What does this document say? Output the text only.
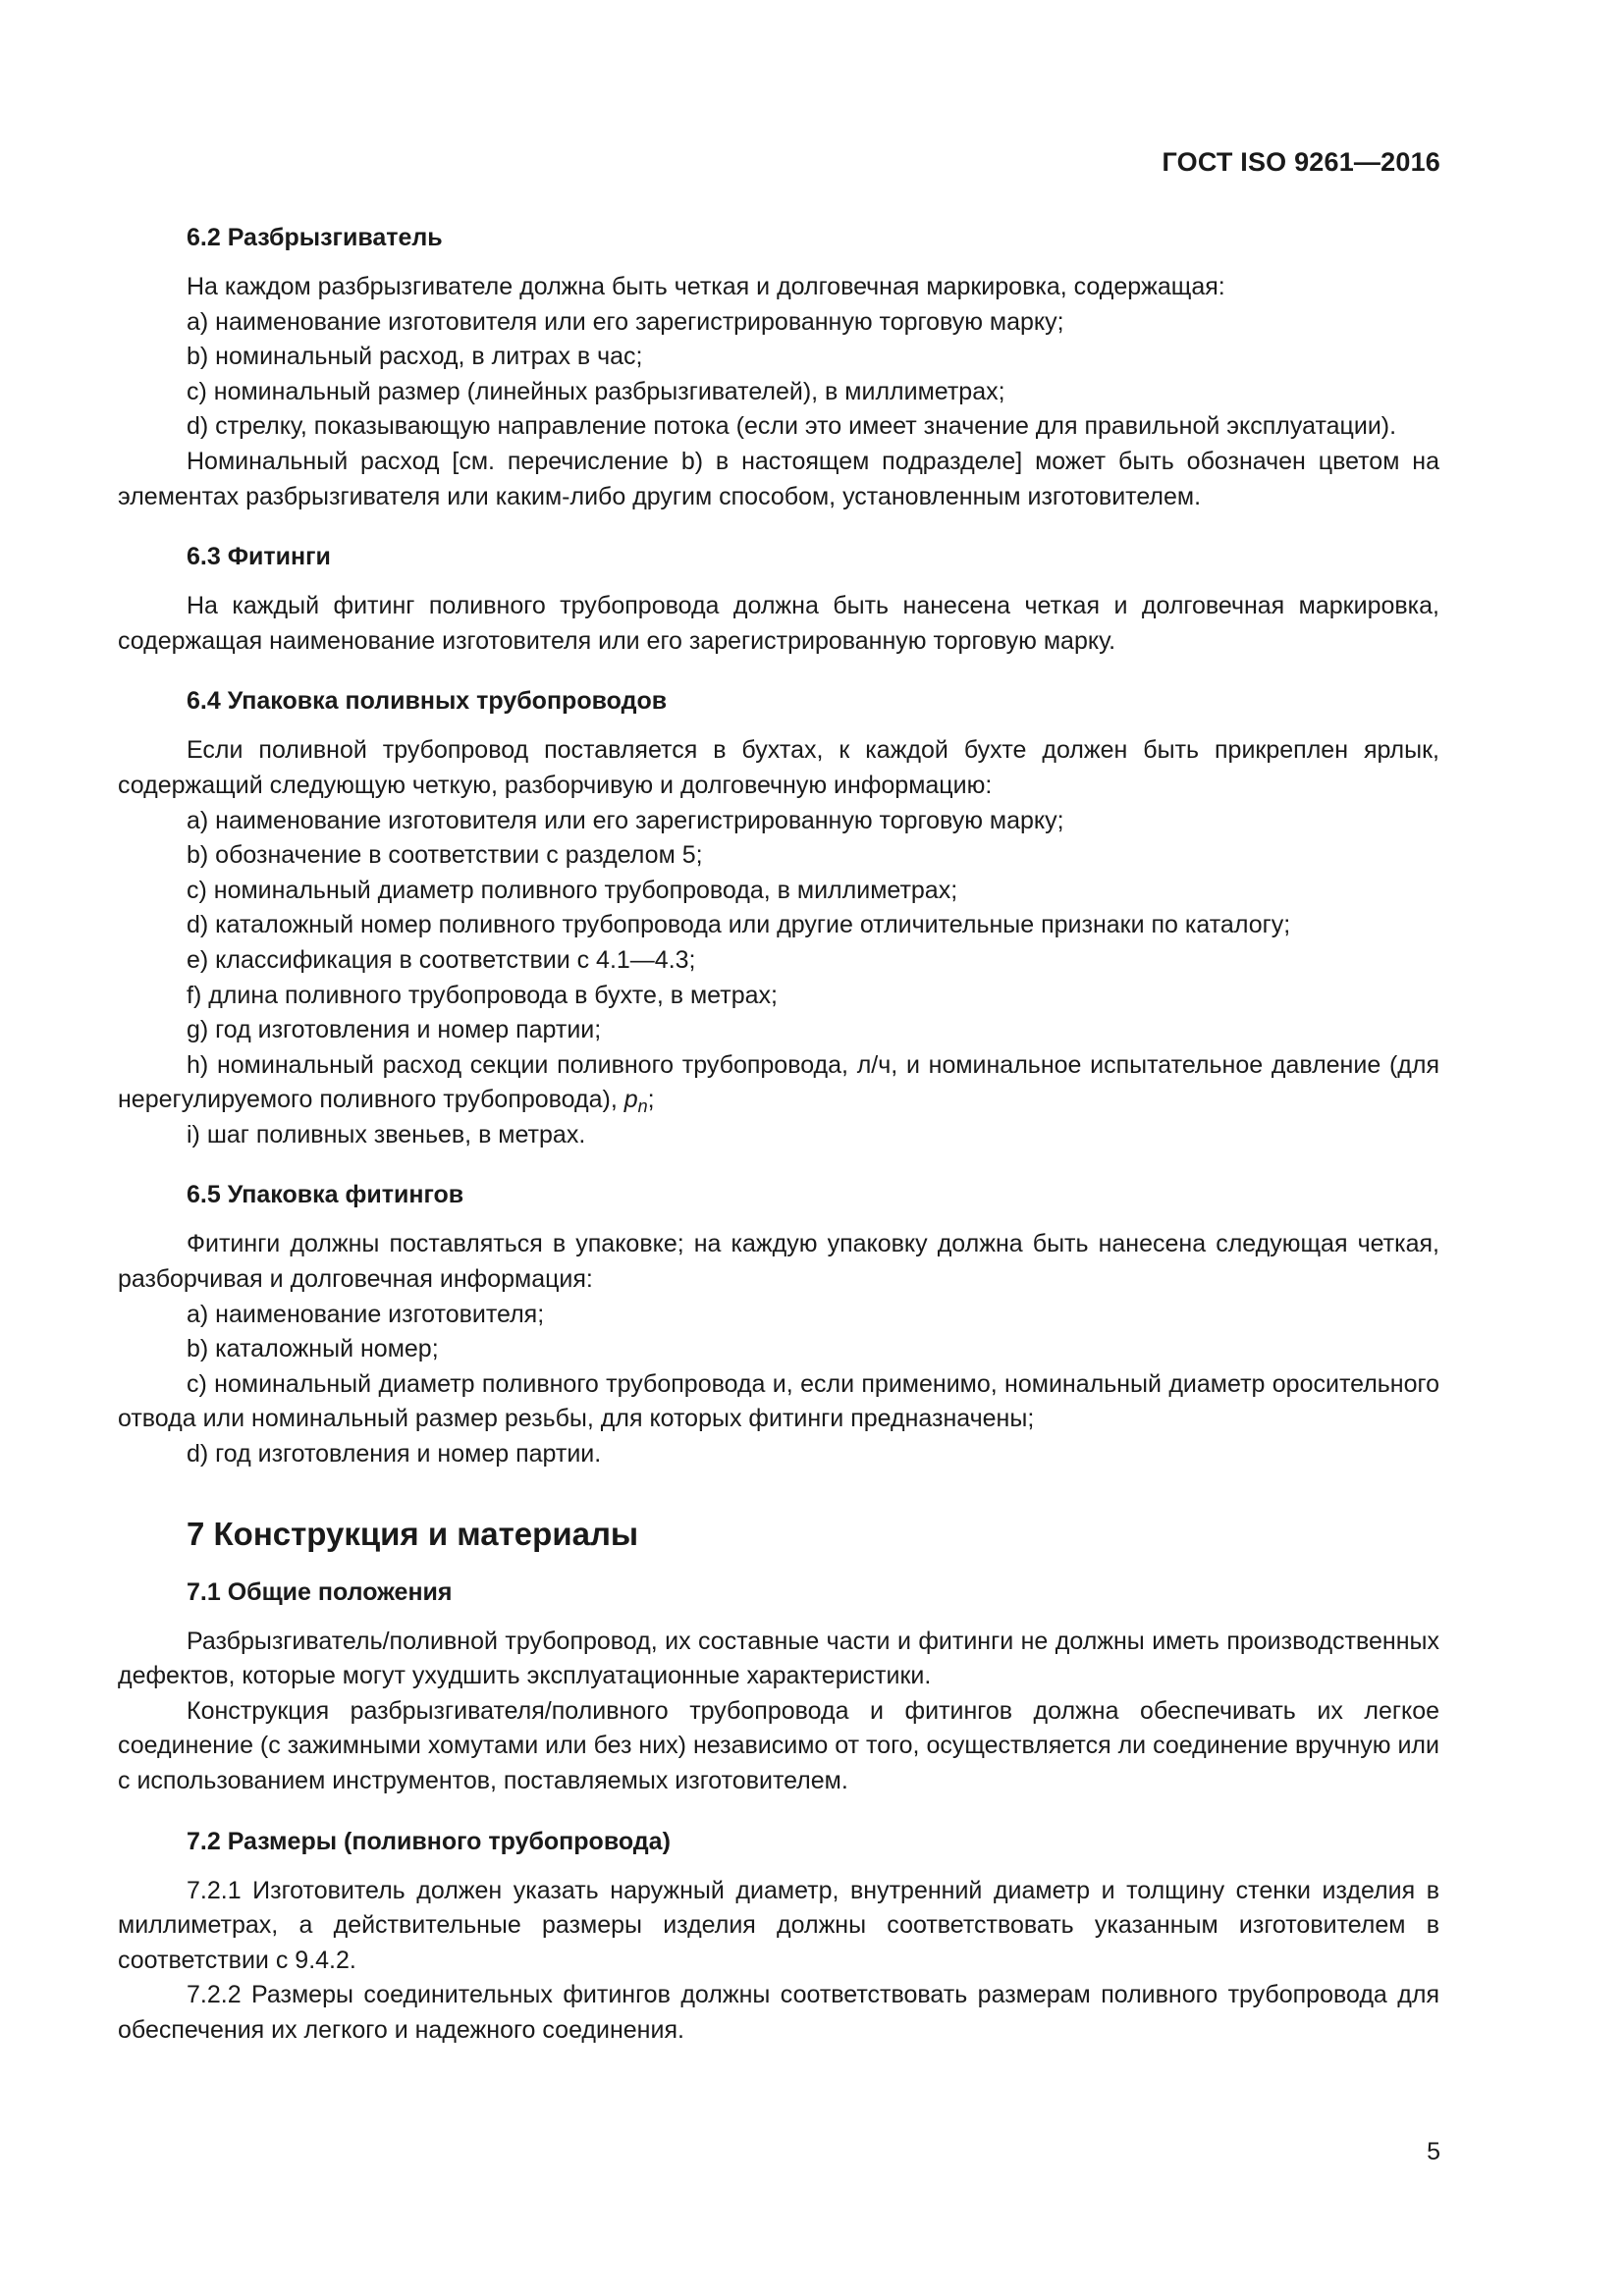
ГОСТ ISO 9261—2016
6.2 Разбрызгиватель

На каждом разбрызгивателе должна быть четкая и долговечная маркировка, содержащая:

a) наименование изготовителя или его зарегистрированную торговую марку;

b) номинальный расход, в литрах в час;

c) номинальный размер (линейных разбрызгивателей), в миллиметрах;

d) стрелку, показывающую направление потока (если это имеет значение для правильной эксплуатации).

Номинальный расход [см. перечисление b) в настоящем подразделе] может быть обозначен цветом на элементах разбрызгивателя или каким-либо другим способом, установленным изготовителем.

6.3 Фитинги

На каждый фитинг поливного трубопровода должна быть нанесена четкая и долговечная маркировка, содержащая наименование изготовителя или его зарегистрированную торговую марку.

6.4 Упаковка поливных трубопроводов

Если поливной трубопровод поставляется в бухтах, к каждой бухте должен быть прикреплен ярлык, содержащий следующую четкую, разборчивую и долговечную информацию:

a) наименование изготовителя или его зарегистрированную торговую марку;

b) обозначение в соответствии с разделом 5;

c) номинальный диаметр поливного трубопровода, в миллиметрах;

d) каталожный номер поливного трубопровода или другие отличительные признаки по каталогу;

e) классификация в соответствии с 4.1—4.3;

f) длина поливного трубопровода в бухте, в метрах;

g) год изготовления и номер партии;

h) номинальный расход секции поливного трубопровода, л/ч, и номинальное испытательное давление (для нерегулируемого поливного трубопровода), $p_n$;

i) шаг поливных звеньев, в метрах.

6.5 Упаковка фитингов

Фитинги должны поставляться в упаковке; на каждую упаковку должна быть нанесена следующая четкая, разборчивая и долговечная информация:

a) наименование изготовителя;

b) каталожный номер;

c) номинальный диаметр поливного трубопровода и, если применимо, номинальный диаметр оросительного отвода или номинальный размер резьбы, для которых фитинги предназначены;

d) год изготовления и номер партии.

7 Конструкция и материалы
7.1 Общие положения

Разбрызгиватель/поливной трубопровод, их составные части и фитинги не должны иметь производственных дефектов, которые могут ухудшить эксплуатационные характеристики.

Конструкция разбрызгивателя/поливного трубопровода и фитингов должна обеспечивать их легкое соединение (с зажимными хомутами или без них) независимо от того, осуществляется ли соединение вручную или с использованием инструментов, поставляемых изготовителем.

7.2 Размеры (поливного трубопровода)

7.2.1 Изготовитель должен указать наружный диаметр, внутренний диаметр и толщину стенки изделия в миллиметрах, а действительные размеры изделия должны соответствовать указанным изготовителем в соответствии с 9.4.2.

7.2.2 Размеры соединительных фитингов должны соответствовать размерам поливного трубопровода для обеспечения их легкого и надежного соединения.

5
